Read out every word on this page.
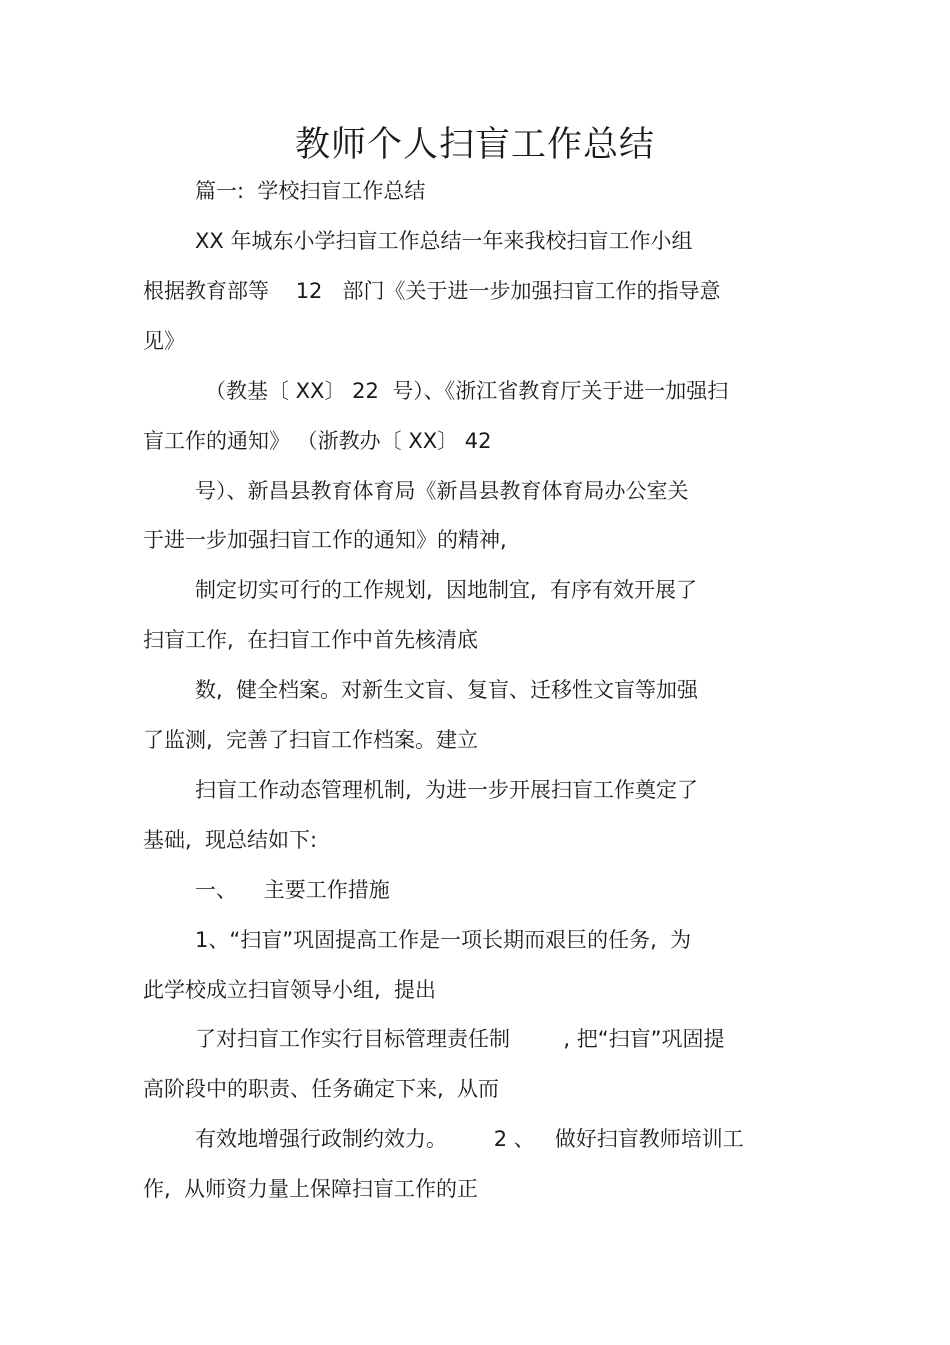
教师个人扫盲工作总结
篇一:  学校扫盲工作总结
XX 年城东小学扫盲工作总结一年来我校扫盲工作小组
根据教育部等    12   部门《关于进一步加强扫盲工作的指导意
见》
（教基〔 XX〕 22  号）、《浙江省教育厅关于进一加强扫
盲工作的通知》 （浙教办〔 XX〕 42
号）、新昌县教育体育局《新昌县教育体育局办公室关
于进一步加强扫盲工作的通知》的精神,
制定切实可行的工作规划,  因地制宜,  有序有效开展了
扫盲工作,  在扫盲工作中首先核清底
数,  健全档案。对新生文盲、复盲、迁移性文盲等加强
了监测,  完善了扫盲工作档案。建立
扫盲工作动态管理机制,  为进一步开展扫盲工作奠定了
基础,  现总结如下:
一、    主要工作措施
1、“扫盲”巩固提高工作是一项长期而艰巨的任务,  为
此学校成立扫盲领导小组,  提出
了对扫盲工作实行目标管理责任制        , 把“扫盲”巩固提
高阶段中的职责、任务确定下来,  从而
有效地增强行政制约效力。       2 、   做好扫盲教师培训工
作,  从师资力量上保障扫盲工作的正
